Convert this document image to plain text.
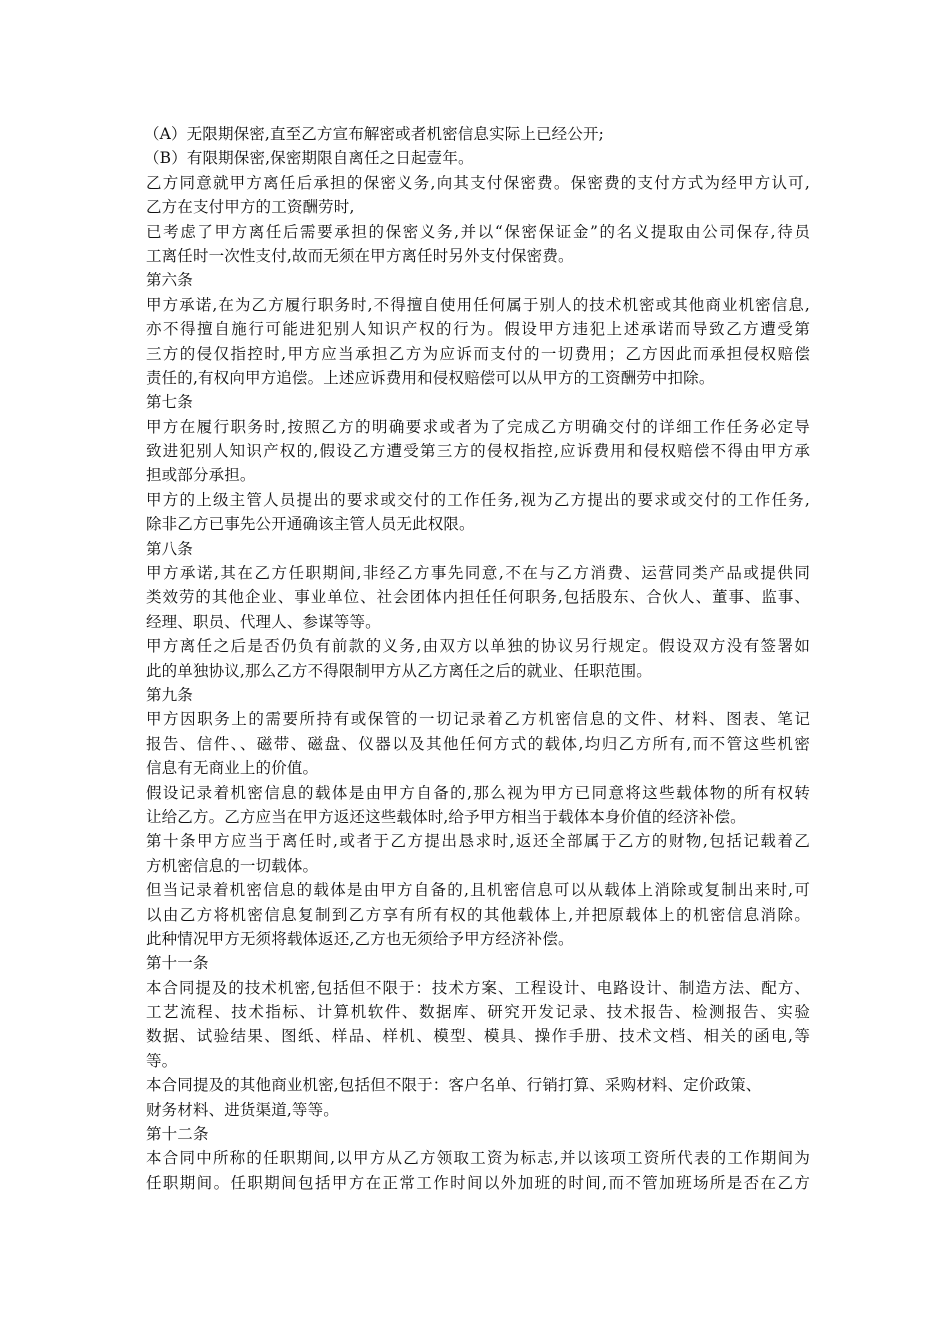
（A）无限期保密,直至乙方宣布解密或者机密信息实际上已经公开;
（B）有限期保密,保密期限自离任之日起壹年。
乙方同意就甲方离任后承担的保密义务,向其支付保密费。保密费的支付方式为经甲方认可,
乙方在支付甲方的工资酬劳时,
已考虑了甲方离任后需要承担的保密义务,并以“保密保证金”的名义提取由公司保存,待员
工离任时一次性支付,故而无须在甲方离任时另外支付保密费。
第六条
甲方承诺,在为乙方履行职务时,不得擅自使用任何属于别人的技术机密或其他商业机密信息,
亦不得擅自施行可能进犯别人知识产权的行为。假设甲方违犯上述承诺而导致乙方遭受第
三方的侵仅指控时,甲方应当承担乙方为应诉而支付的一切费用；乙方因此而承担侵权赔偿
责任的,有权向甲方追偿。上述应诉费用和侵权赔偿可以从甲方的工资酬劳中扣除。
第七条
甲方在履行职务时,按照乙方的明确要求或者为了完成乙方明确交付的详细工作任务必定导
致进犯别人知识产权的,假设乙方遭受第三方的侵权指控,应诉费用和侵权赔偿不得由甲方承
担或部分承担。
甲方的上级主管人员提出的要求或交付的工作任务,视为乙方提出的要求或交付的工作任务,
除非乙方已事先公开通确该主管人员无此权限。
第八条
甲方承诺,其在乙方任职期间,非经乙方事先同意,不在与乙方消费、运营同类产品或提供同
类效劳的其他企业、事业单位、社会团体内担任任何职务,包括股东、合伙人、董事、监事、
经理、职员、代理人、参谋等等。
甲方离任之后是否仍负有前款的义务,由双方以单独的协议另行规定。假设双方没有签署如
此的单独协议,那么乙方不得限制甲方从乙方离任之后的就业、任职范围。
第九条
甲方因职务上的需要所持有或保管的一切记录着乙方机密信息的文件、材料、图表、笔记
报告、信件、、磁带、磁盘、仪器以及其他任何方式的载体,均归乙方所有,而不管这些机密
信息有无商业上的价值。
假设记录着机密信息的载体是由甲方自备的,那么视为甲方已同意将这些载体物的所有权转
让给乙方。乙方应当在甲方返还这些载体时,给予甲方相当于载体本身价值的经济补偿。
第十条甲方应当于离任时,或者于乙方提出恳求时,返还全部属于乙方的财物,包括记载着乙
方机密信息的一切载体。
但当记录着机密信息的载体是由甲方自备的,且机密信息可以从载体上消除或复制出来时,可
以由乙方将机密信息复制到乙方享有所有权的其他载体上,并把原载体上的机密信息消除。
此种情况甲方无须将载体返还,乙方也无须给予甲方经济补偿。
第十一条
本合同提及的技术机密,包括但不限于：技术方案、工程设计、电路设计、制造方法、配方、
工艺流程、技术指标、计算机软件、数据库、研究开发记录、技术报告、检测报告、实验
数据、试验结果、图纸、样品、样机、模型、模具、操作手册、技术文档、相关的函电,等
等。
本合同提及的其他商业机密,包括但不限于：客户名单、行销打算、采购材料、定价政策、
财务材料、进货渠道,等等。
第十二条
本合同中所称的任职期间,以甲方从乙方领取工资为标志,并以该项工资所代表的工作期间为
任职期间。任职期间包括甲方在正常工作时间以外加班的时间,而不管加班场所是否在乙方
